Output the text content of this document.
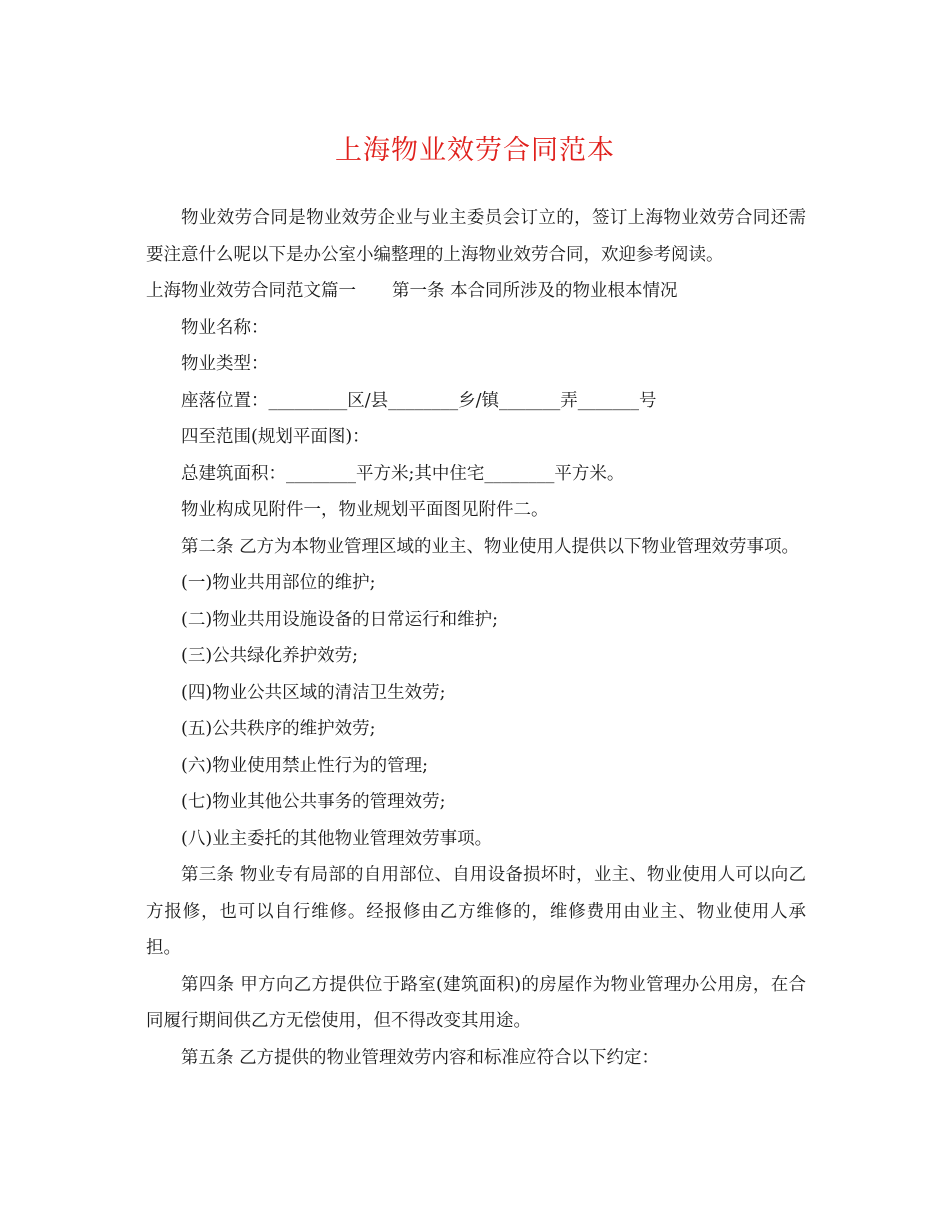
上海物业效劳合同范本

物业效劳合同是物业效劳企业与业主委员会订立的，签订上海物业效劳合同还需要注意什么呢以下是办公室小编整理的上海物业效劳合同，欢迎参考阅读。

上海物业效劳合同范文篇一 第一条 本合同所涉及的物业根本情况

物业名称：

物业类型：

座落位置：_________区/县________乡/镇_______弄_______号

四至范围(规划平面图)：

总建筑面积：________平方米;其中住宅________平方米。

物业构成见附件一，物业规划平面图见附件二。

第二条 乙方为本物业管理区域的业主、物业使用人提供以下物业管理效劳事项。

(一)物业共用部位的维护;

(二)物业共用设施设备的日常运行和维护;

(三)公共绿化养护效劳;

(四)物业公共区域的清洁卫生效劳;

(五)公共秩序的维护效劳;

(六)物业使用禁止性行为的管理;

(七)物业其他公共事务的管理效劳;

(八)业主委托的其他物业管理效劳事项。

第三条 物业专有局部的自用部位、自用设备损坏时，业主、物业使用人可以向乙方报修，也可以自行维修。经报修由乙方维修的，维修费用由业主、物业使用人承担。

第四条 甲方向乙方提供位于路室(建筑面积)的房屋作为物业管理办公用房，在合同履行期间供乙方无偿使用，但不得改变其用途。

第五条 乙方提供的物业管理效劳内容和标准应符合以下约定：
